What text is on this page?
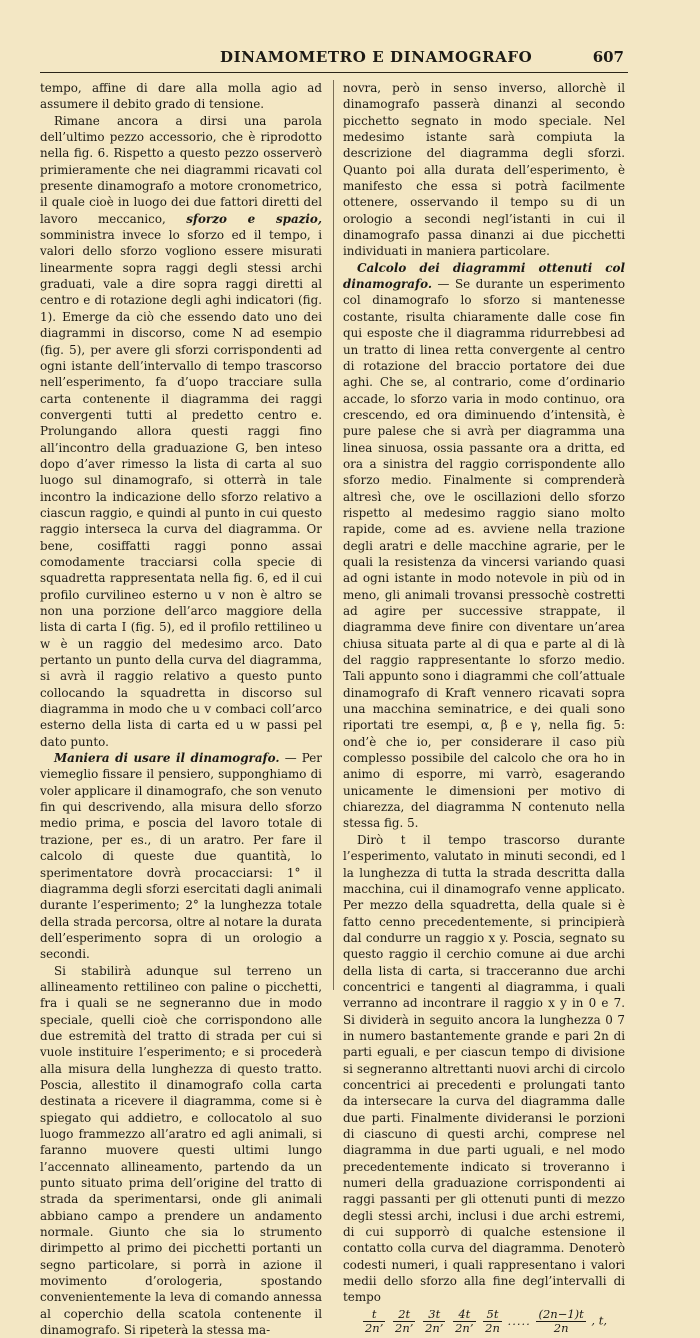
DINAMOMETRO E DINAMOGRAFO	607

tempo, affine di dare alla molla agio ad assumere il debito grado di tensione.

Rimane ancora a dirsi una parola dell’ultimo pezzo accessorio, che è riprodotto nella fig. 6. Rispetto a questo pezzo osserverò primieramente che nei diagrammi ricavati col presente dinamografo a motore cronometrico, il quale cioè in luogo dei due fattori diretti del lavoro meccanico, sforzo e spazio, somministra invece lo sforzo ed il tempo, i valori dello sforzo vogliono essere misurati linearmente sopra raggi degli stessi archi graduati, vale a dire sopra raggi diretti al centro e di rotazione degli aghi indicatori (fig. 1). Emerge da ciò che essendo dato uno dei diagrammi in discorso, come N ad esempio (fig. 5), per avere gli sforzi corrispondenti ad ogni istante dell’intervallo di tempo trascorso nell’esperimento, fa d’uopo tracciare sulla carta contenente il diagramma dei raggi convergenti tutti al predetto centro e. Prolungando allora questi raggi fino all’incontro della graduazione G, ben inteso dopo d’aver rimesso la lista di carta al suo luogo sul dinamografo, si otterrà in tale incontro la indicazione dello sforzo relativo a ciascun raggio, e quindi al punto in cui questo raggio interseca la curva del diagramma. Or bene, cosiffatti raggi ponno assai comodamente tracciarsi colla specie di squadretta rappresentata nella fig. 6, ed il cui profilo curvilineo esterno u v non è altro se non una porzione dell’arco maggiore della lista di carta I (fig. 5), ed il profilo rettilineo u w è un raggio del medesimo arco. Dato pertanto un punto della curva del diagramma, si avrà il raggio relativo a questo punto collocando la squadretta in discorso sul diagramma in modo che u v combaci coll’arco esterno della lista di carta ed u w passi pel dato punto.

Maniera di usare il dinamografo. — Per viemeglio fissare il pensiero, supponghiamo di voler applicare il dinamografo, che son venuto fin qui descrivendo, alla misura dello sforzo medio prima, e poscia del lavoro totale di trazione, per es., di un aratro. Per fare il calcolo di queste due quantità, lo sperimentatore dovrà procacciarsi: 1° il diagramma degli sforzi esercitati dagli animali durante l’esperimento; 2° la lunghezza totale della strada percorsa, oltre al notare la durata dell’esperimento sopra di un orologio a secondi.

Si stabilirà adunque sul terreno un allineamento rettilineo con paline o picchetti, fra i quali se ne segneranno due in modo speciale, quelli cioè che corrispondono alle due estremità del tratto di strada per cui si vuole instituire l’esperimento; e si procederà alla misura della lunghezza di questo tratto. Poscia, allestito il dinamografo colla carta destinata a ricevere il diagramma, come si è spiegato qui addietro, e collocatolo al suo luogo frammezzo all’aratro ed agli animali, si faranno muovere questi ultimi lungo l’accennato allineamento, partendo da un punto situato prima dell’origine del tratto di strada da sperimentarsi, onde gli animali abbiano campo a prendere un andamento normale. Giunto che sia lo strumento dirimpetto al primo dei picchetti portanti un segno particolare, si porrà in azione il movimento d’orologeria, spostando convenientemente la leva di comando annessa al coperchio della scatola contenente il dinamografo. Si ripeterà la stessa ma-

novra, però in senso inverso, allorchè il dinamografo passerà dinanzi al secondo picchetto segnato in modo speciale. Nel medesimo istante sarà compiuta la descrizione del diagramma degli sforzi. Quanto poi alla durata dell’esperimento, è manifesto che essa si potrà facilmente ottenere, osservando il tempo su di un orologio a secondi negl’istanti in cui il dinamografo passa dinanzi ai due picchetti individuati in maniera particolare.

Calcolo dei diagrammi ottenuti col dinamografo. — Se durante un esperimento col dinamografo lo sforzo si mantenesse costante, risulta chiaramente dalle cose fin qui esposte che il diagramma ridurrebbesi ad un tratto di linea retta convergente al centro di rotazione del braccio portatore dei due aghi. Che se, al contrario, come d’ordinario accade, lo sforzo varia in modo continuo, ora crescendo, ed ora diminuendo d’intensità, è pure palese che si avrà per diagramma una linea sinuosa, ossia passante ora a dritta, ed ora a sinistra del raggio corrispondente allo sforzo medio. Finalmente si comprenderà altresì che, ove le oscillazioni dello sforzo rispetto al medesimo raggio siano molto rapide, come ad es. avviene nella trazione degli aratri e delle macchine agrarie, per le quali la resistenza da vincersi variando quasi ad ogni istante in modo notevole in più od in meno, gli animali trovansi pressochè costretti ad agire per successive strappate, il diagramma deve finire con diventare un’area chiusa situata parte al di qua e parte al di là del raggio rappresentante lo sforzo medio. Tali appunto sono i diagrammi che coll’attuale dinamografo di Kraft vennero ricavati sopra una macchina seminatrice, e dei quali sono riportati tre esempi, α, β e γ, nella fig. 5: ond’è che io, per considerare il caso più complesso possibile del calcolo che ora ho in animo di esporre, mi varrò, esagerando unicamente le dimensioni per motivo di chiarezza, del diagramma N contenuto nella stessa fig. 5.

Dirò t il tempo trascorso durante l’esperimento, valutato in minuti secondi, ed l la lunghezza di tutta la strada descritta dalla macchina, cui il dinamografo venne applicato. Per mezzo della squadretta, della quale si è fatto cenno precedentemente, si principierà dal condurre un raggio x y. Poscia, segnato su questo raggio il cerchio comune ai due archi della lista di carta, si tracceranno due archi concentrici e tangenti al diagramma, i quali verranno ad incontrare il raggio x y in 0 e 7. Si dividerà in seguito ancora la lunghezza 0 7 in numero bastantemente grande e pari 2n di parti eguali, e per ciascun tempo di divisione si segneranno altrettanti nuovi archi di circolo concentrici ai precedenti e prolungati tanto da intersecare la curva del diagramma dalle due parti. Finalmente divideransi le porzioni di ciascuno di questi archi, comprese nel diagramma in due parti uguali, e nel modo precedentemente indicato si troveranno i numeri della graduazione corrispondenti ai raggi passanti per gli ottenuti punti di mezzo degli stessi archi, inclusi i due archi estremi, di cui supporrò di qualche estensione il contatto colla curva del diagramma. Denoterò codesti numeri, i quali rappresentano i valori medii dello sforzo alla fine degl’intervalli di tempo

$\frac{t}{2n’}$
$\frac{2t}{2n’}$
$\frac{3t}{2n’}$
$\frac{4t}{2n’}$
$\frac{5t}{2n}$ ..... $\frac{(2n-1)t}{2n}$ , t,
